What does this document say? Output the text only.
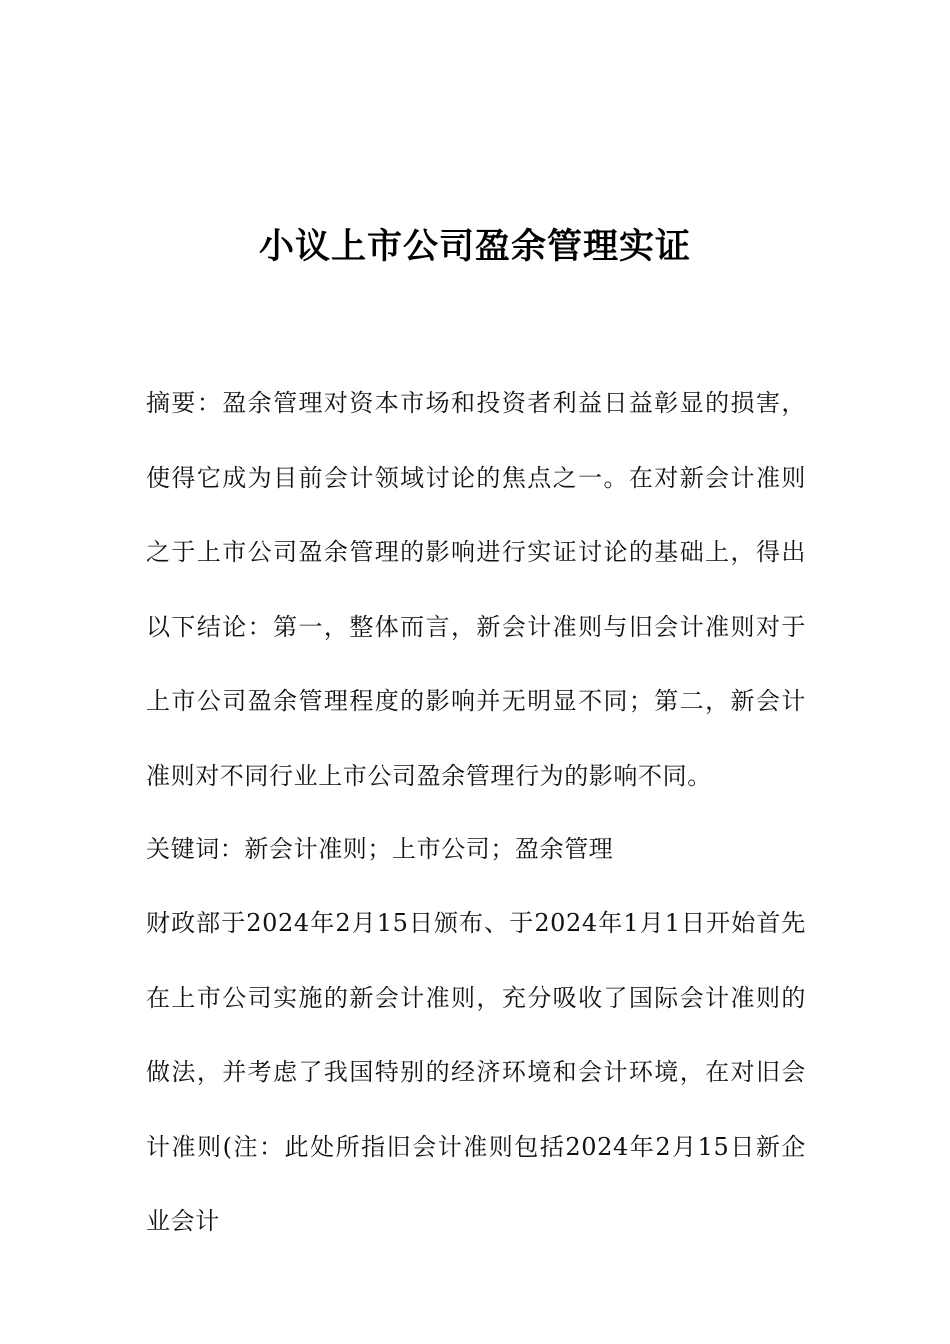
小议上市公司盈余管理实证
摘要：盈余管理对资本市场和投资者利益日益彰显的损害，使得它成为目前会计领域讨论的焦点之一。在对新会计准则之于上市公司盈余管理的影响进行实证讨论的基础上，得出以下结论：第一，整体而言，新会计准则与旧会计准则对于上市公司盈余管理程度的影响并无明显不同；第二，新会计准则对不同行业上市公司盈余管理行为的影响不同。
关键词：新会计准则；上市公司；盈余管理
财政部于2024年2月15日颁布、于2024年1月1日开始首先在上市公司实施的新会计准则，充分吸收了国际会计准则的做法，并考虑了我国特别的经济环境和会计环境，在对旧会计准则(注：此处所指旧会计准则包括2024年2月15日新企业会计
